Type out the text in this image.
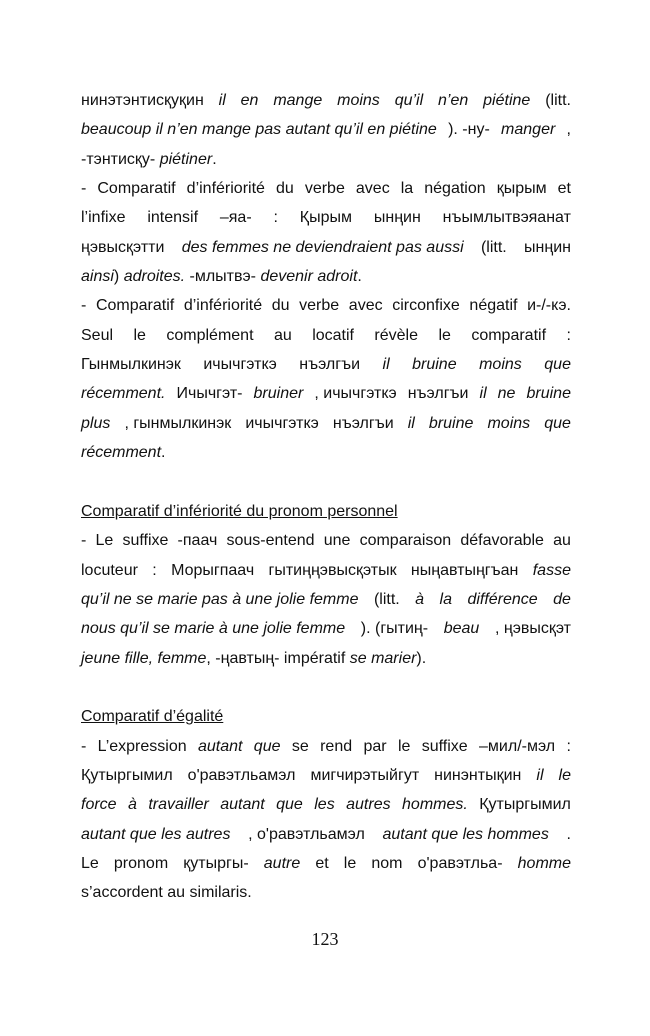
нинэтэнтисқуқин il en mange moins qu’il n’en piétine (litt.
beaucoup il n’en mange pas autant qu’il en piétine ). -ну- manger ,
-тэнтисқу- piétiner.
- Comparatif d’infériorité du verbe avec la négation қырым et
l’infixe intensif –яа- : Қырым ынңин нъымлытвэяанат
ңэвысқэтти des femmes ne deviendraient pas aussi (litt. ынңин
ainsi) adroites. -млытвэ- devenir adroit.
- Comparatif d’infériorité du verbe avec circonfixe négatif и-/-кэ.
Seul le complément au locatif révèle le comparatif :
Гынмылкинэк ичычгэткэ нъэлгъи il bruine moins que
récemment. Ичычгэт- bruiner , ичычгэткэ нъэлгъи il ne bruine
plus , гынмылкинэк ичычгэткэ нъэлгъи il bruine moins que
récemment.
Comparatif d’infériorité du pronom personnel
- Le suffixe -паач sous-entend une comparaison défavorable au
locuteur : Морыгпаач гытиңңэвысқэтык ныңавтыңгъан fasse
qu’il ne se marie pas à une jolie femme (litt. à la différence de
nous qu’il se marie à une jolie femme ). (гытиң- beau , ңэвысқэт
jeune fille, femme, -ңавтың- impératif se marier).
Comparatif d’égalité
- L’expression autant que se rend par le suffixe –мил/-мэл :
Қутыргымил о'равэтльамэл мигчирэтыйгут нинэнтықин il le
force à travailler autant que les autres hommes. Қутыргымил
autant que les autres , о'равэтльамэл autant que les hommes .
Le pronom қутыргы- autre et le nom о'равэтльа- homme
s’accordent au similaris.
123
